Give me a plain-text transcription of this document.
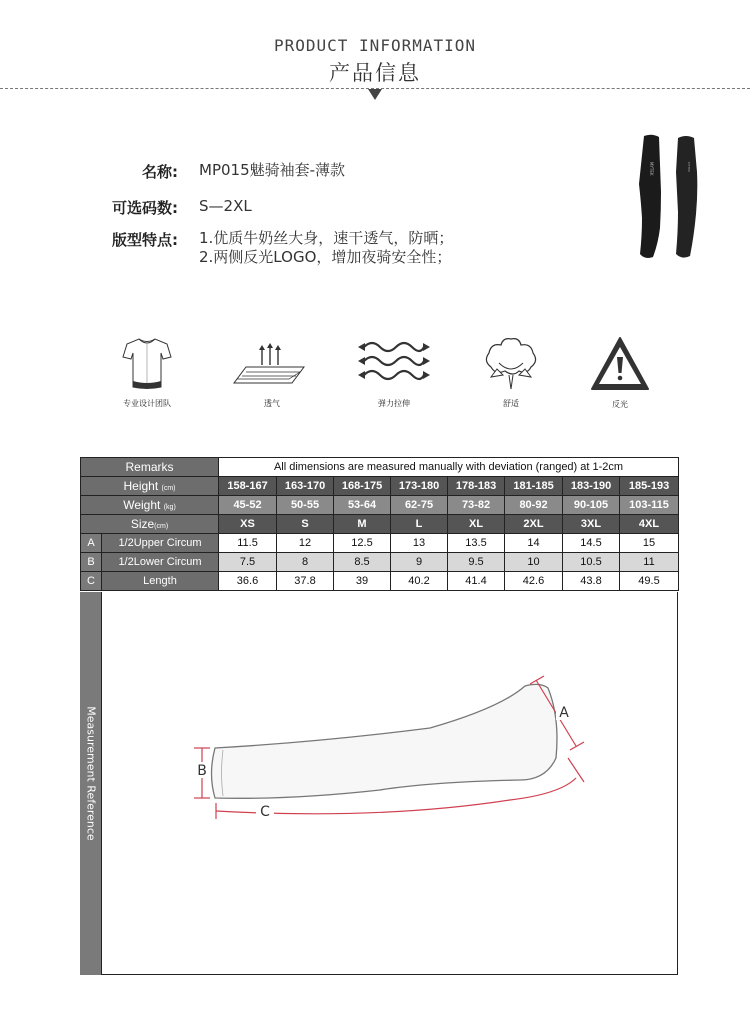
PRODUCT INFORMATION
产品信息
名称: MP015魅骑袖套-薄款
可选码数: S—2XL
版型特点: 1.优质牛奶丝大身，速干透气，防晒；
2.两侧反光LOGO，增加夜骑安全性；
MYTEK	MYTEK
专业设计团队	透气	弹力拉伸	舒适	反光
Remarks		All dimensions are measured manually with deviation (ranged) at 1-2cm							
Height (cm)		158-167	163-170	168-175	173-180	178-183	181-185	183-190	185-193
Weight (kg)		45-52	50-55	53-64	62-75	73-82	80-92	90-105	103-115
Size(cm)		XS	S	M	L	XL	2XL	3XL	4XL
A	1/2Upper Circum	11.5	12	12.5	13	13.5	14	14.5	15
B	1/2Lower Circum	7.5	8	8.5	9	9.5	10	10.5	11
C	Length	36.6	37.8	39	40.2	41.4	42.6	43.8	49.5
Measurement Reference	A
B
C
